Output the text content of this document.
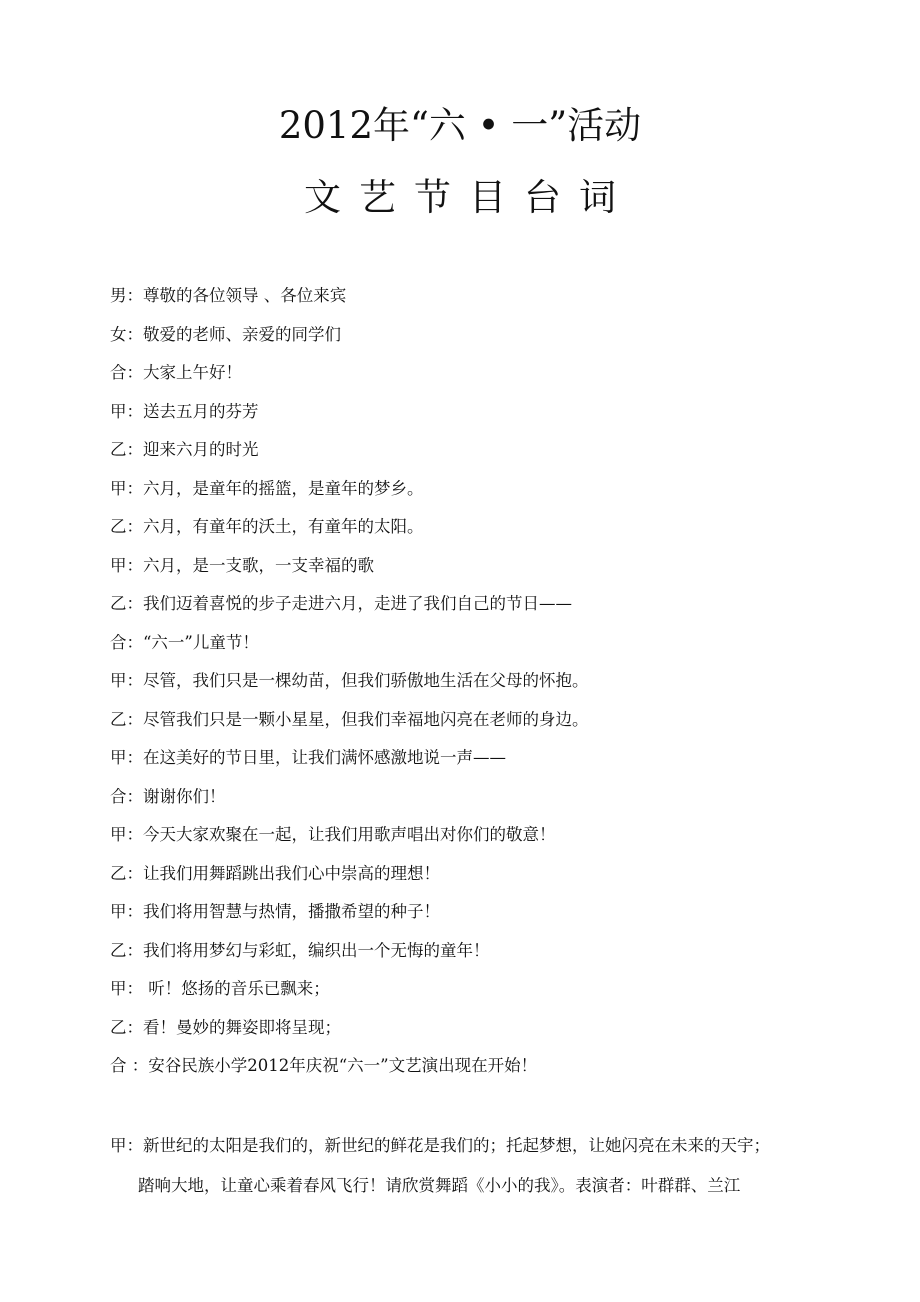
2012年“六 • 一”活动
文艺节目台词
男：尊敬的各位领导 、各位来宾
女：敬爱的老师、亲爱的同学们
合：大家上午好！
甲：送去五月的芬芳
乙：迎来六月的时光
甲：六月，是童年的摇篮，是童年的梦乡。
乙：六月，有童年的沃土，有童年的太阳。
甲：六月，是一支歌，一支幸福的歌
乙：我们迈着喜悦的步子走进六月，走进了我们自己的节日——
合：“六一”儿童节！
甲：尽管，我们只是一棵幼苗，但我们骄傲地生活在父母的怀抱。
乙：尽管我们只是一颗小星星，但我们幸福地闪亮在老师的身边。
甲：在这美好的节日里，让我们满怀感激地说一声——
合：谢谢你们！
甲：今天大家欢聚在一起，让我们用歌声唱出对你们的敬意！
乙：让我们用舞蹈跳出我们心中崇高的理想！
甲：我们将用智慧与热情，播撒希望的种子！
乙：我们将用梦幻与彩虹，编织出一个无悔的童年！
甲： 听！悠扬的音乐已飘来；
乙：看！曼妙的舞姿即将呈现；
合 ：安谷民族小学2012年庆祝“六一”文艺演出现在开始！
甲：新世纪的太阳是我们的，新世纪的鲜花是我们的；托起梦想，让她闪亮在未来的天宇；
踏响大地，让童心乘着春风飞行！请欣赏舞蹈《小小的我》。表演者：叶群群、兰江
